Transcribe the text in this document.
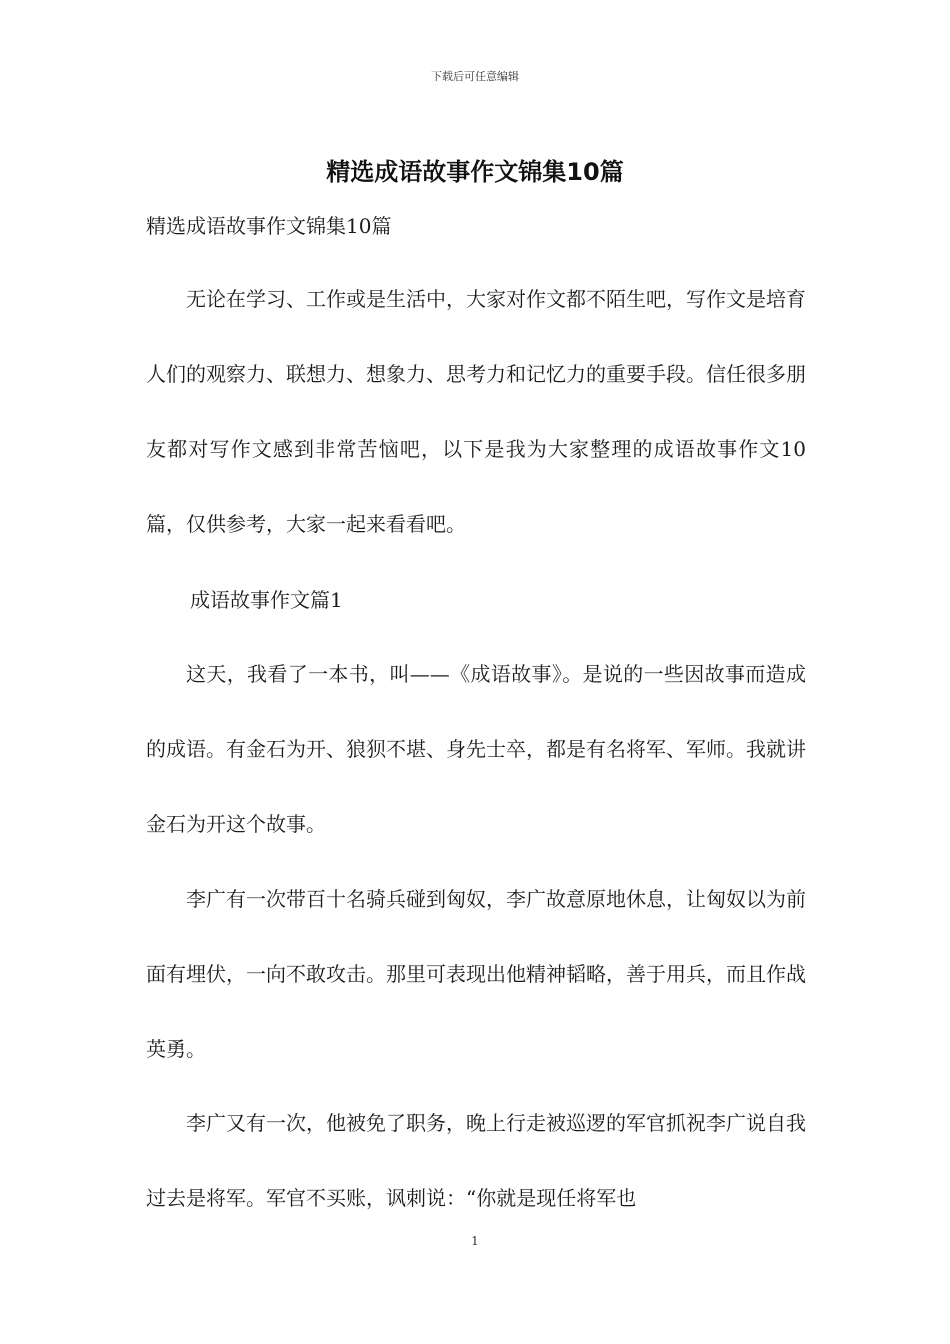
下载后可任意编辑
精选成语故事作文锦集10篇
精选成语故事作文锦集10篇

无论在学习、工作或是生活中，大家对作文都不陌生吧，写作文是培育人们的观察力、联想力、想象力、思考力和记忆力的重要手段。信任很多朋友都对写作文感到非常苦恼吧，以下是我为大家整理的成语故事作文10篇，仅供参考，大家一起来看看吧。

成语故事作文篇1

这天，我看了一本书，叫——《成语故事》。是说的一些因故事而造成的成语。有金石为开、狼狈不堪、身先士卒，都是有名将军、军师。我就讲金石为开这个故事。

李广有一次带百十名骑兵碰到匈奴，李广故意原地休息，让匈奴以为前面有埋伏，一向不敢攻击。那里可表现出他精神韬略，善于用兵，而且作战英勇。

李广又有一次，他被免了职务，晚上行走被巡逻的军官抓祝李广说自我过去是将军。军官不买账，讽刺说：“你就是现任将军也

1
